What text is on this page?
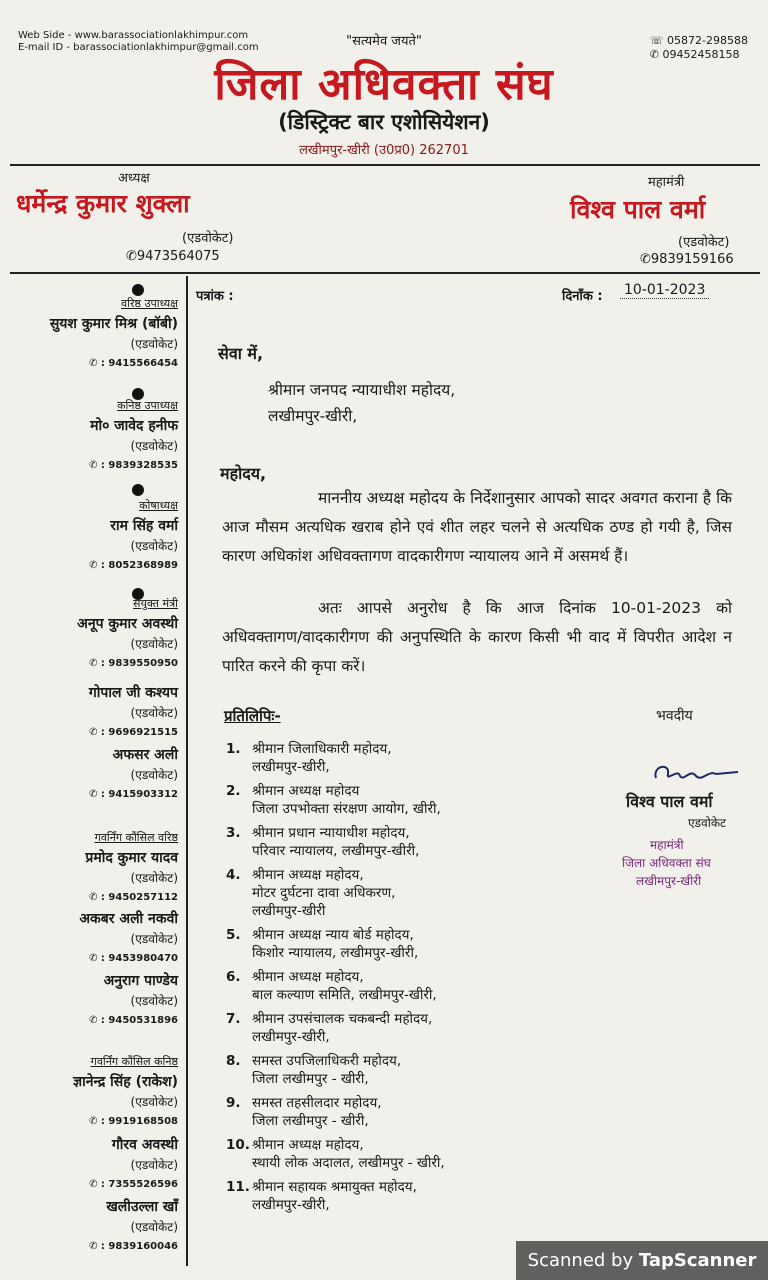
Web Side - www.barassociationlakhimpur.com
E-mail ID - barassociationlakhimpur@gmail.com	"सत्यमेव जयते"	☏ 05872-298588
✆ 09452458158
जिला अधिवक्ता संघ
(डिस्ट्रिक्ट बार एशोसियेशन)
लखीमपुर-खीरी (उ0प्र0) 262701
अध्यक्ष
धर्मेन्द्र कुमार शुक्ला
(एडवोकेट)
✆9473564075
महामंत्री
विश्व पाल वर्मा
(एडवोकेट)
✆9839159166
वरिष्ठ उपाध्यक्ष
सुयश कुमार मिश्र (बॉबी)
(एडवोकेट)
✆ : 9415566454
कनिष्ठ उपाध्यक्ष
मो० जावेद हनीफ
(एडवोकेट)
✆ : 9839328535
कोषाध्यक्ष
राम सिंह वर्मा
(एडवोकेट)
✆ : 8052368989
संयुक्त मंत्री
अनूप कुमार अवस्थी
(एडवोकेट)
✆ : 9839550950
गोपाल जी कश्यप
(एडवोकेट)
✆ : 9696921515
अफसर अली
(एडवोकेट)
✆ : 9415903312
गवर्निंग कौंसिल वरिष्ठ
प्रमोद कुमार यादव
(एडवोकेट)
✆ : 9450257112
अकबर अली नकवी
(एडवोकेट)
✆ : 9453980470
अनुराग पाण्डेय
(एडवोकेट)
✆ : 9450531896
गवर्निंग कौंसिल कनिष्ठ
ज्ञानेन्द्र सिंह (राकेश)
(एडवोकेट)
✆ : 9919168508
गौरव अवस्थी
(एडवोकेट)
✆ : 7355526596
खलीउल्ला खाँ
(एडवोकेट)
✆ : 9839160046
पत्रांक :	दिनाँक : 10-01-2023
सेवा में,
श्रीमान जनपद न्यायाधीश महोदय,
लखीमपुर-खीरी,
महोदय,
माननीय अध्यक्ष महोदय के निर्देशानुसार आपको सादर अवगत कराना है कि आज मौसम अत्यधिक खराब होने एवं शीत लहर चलने से अत्यधिक ठण्ड हो गयी है, जिस कारण अधिकांश अधिवक्तागण वादकारीगण न्यायालय आने में असमर्थ हैं।
अतः आपसे अनुरोध है कि आज दिनांक 10-01-2023 को अधिवक्तागण/वादकारीगण की अनुपस्थिति के कारण किसी भी वाद में विपरीत आदेश न पारित करने की कृपा करें।
भवदीय
प्रतिलिपिः-
विश्व पाल वर्मा
एडवोकेट
महामंत्री
जिला अधिवक्ता संघ
लखीमपुर-खीरी
1. श्रीमान जिलाधिकारी महोदय,
लखीमपुर-खीरी,
2. श्रीमान अध्यक्ष महोदय
जिला उपभोक्ता संरक्षण आयोग, खीरी,
3. श्रीमान प्रधान न्यायाधीश महोदय,
परिवार न्यायालय, लखीमपुर-खीरी,
4. श्रीमान अध्यक्ष महोदय,
मोटर दुर्घटना दावा अधिकरण,
लखीमपुर-खीरी
5. श्रीमान अध्यक्ष न्याय बोर्ड महोदय,
किशोर न्यायालय, लखीमपुर-खीरी,
6. श्रीमान अध्यक्ष महोदय,
बाल कल्याण समिति, लखीमपुर-खीरी,
7. श्रीमान उपसंचालक चकबन्दी महोदय,
लखीमपुर-खीरी,
8. समस्त उपजिलाधिकरी महोदय,
जिला लखीमपुर - खीरी,
9. समस्त तहसीलदार महोदय,
जिला लखीमपुर - खीरी,
10. श्रीमान अध्यक्ष महोदय,
स्थायी लोक अदालत, लखीमपुर - खीरी,
11. श्रीमान सहायक श्रमायुक्त महोदय,
लखीमपुर-खीरी,
Scanned by TapScanner
